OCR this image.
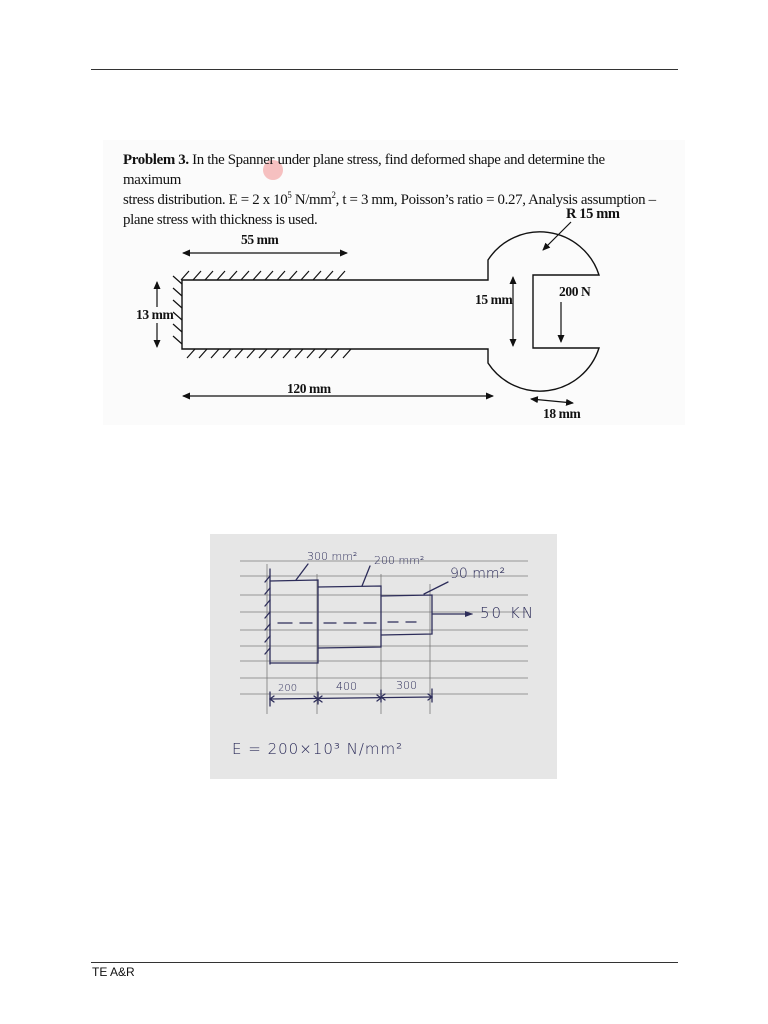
Problem 3. In the Spanner under plane stress, find deformed shape and determine the maximum
stress distribution. E = 2 x $10^5$ $N/mm^2$, t = 3 mm, Poisson’s ratio = 0.27, Analysis assumption –
plane stress with thickness is used.
55 mm
13 mm
120 mm
15 mm
200 N
R 15 mm
18 mm
300 mm² 200 mm²
90 mm²
50 KN
200	400	300
E = 200×10³ N/mm²
TE A&R
